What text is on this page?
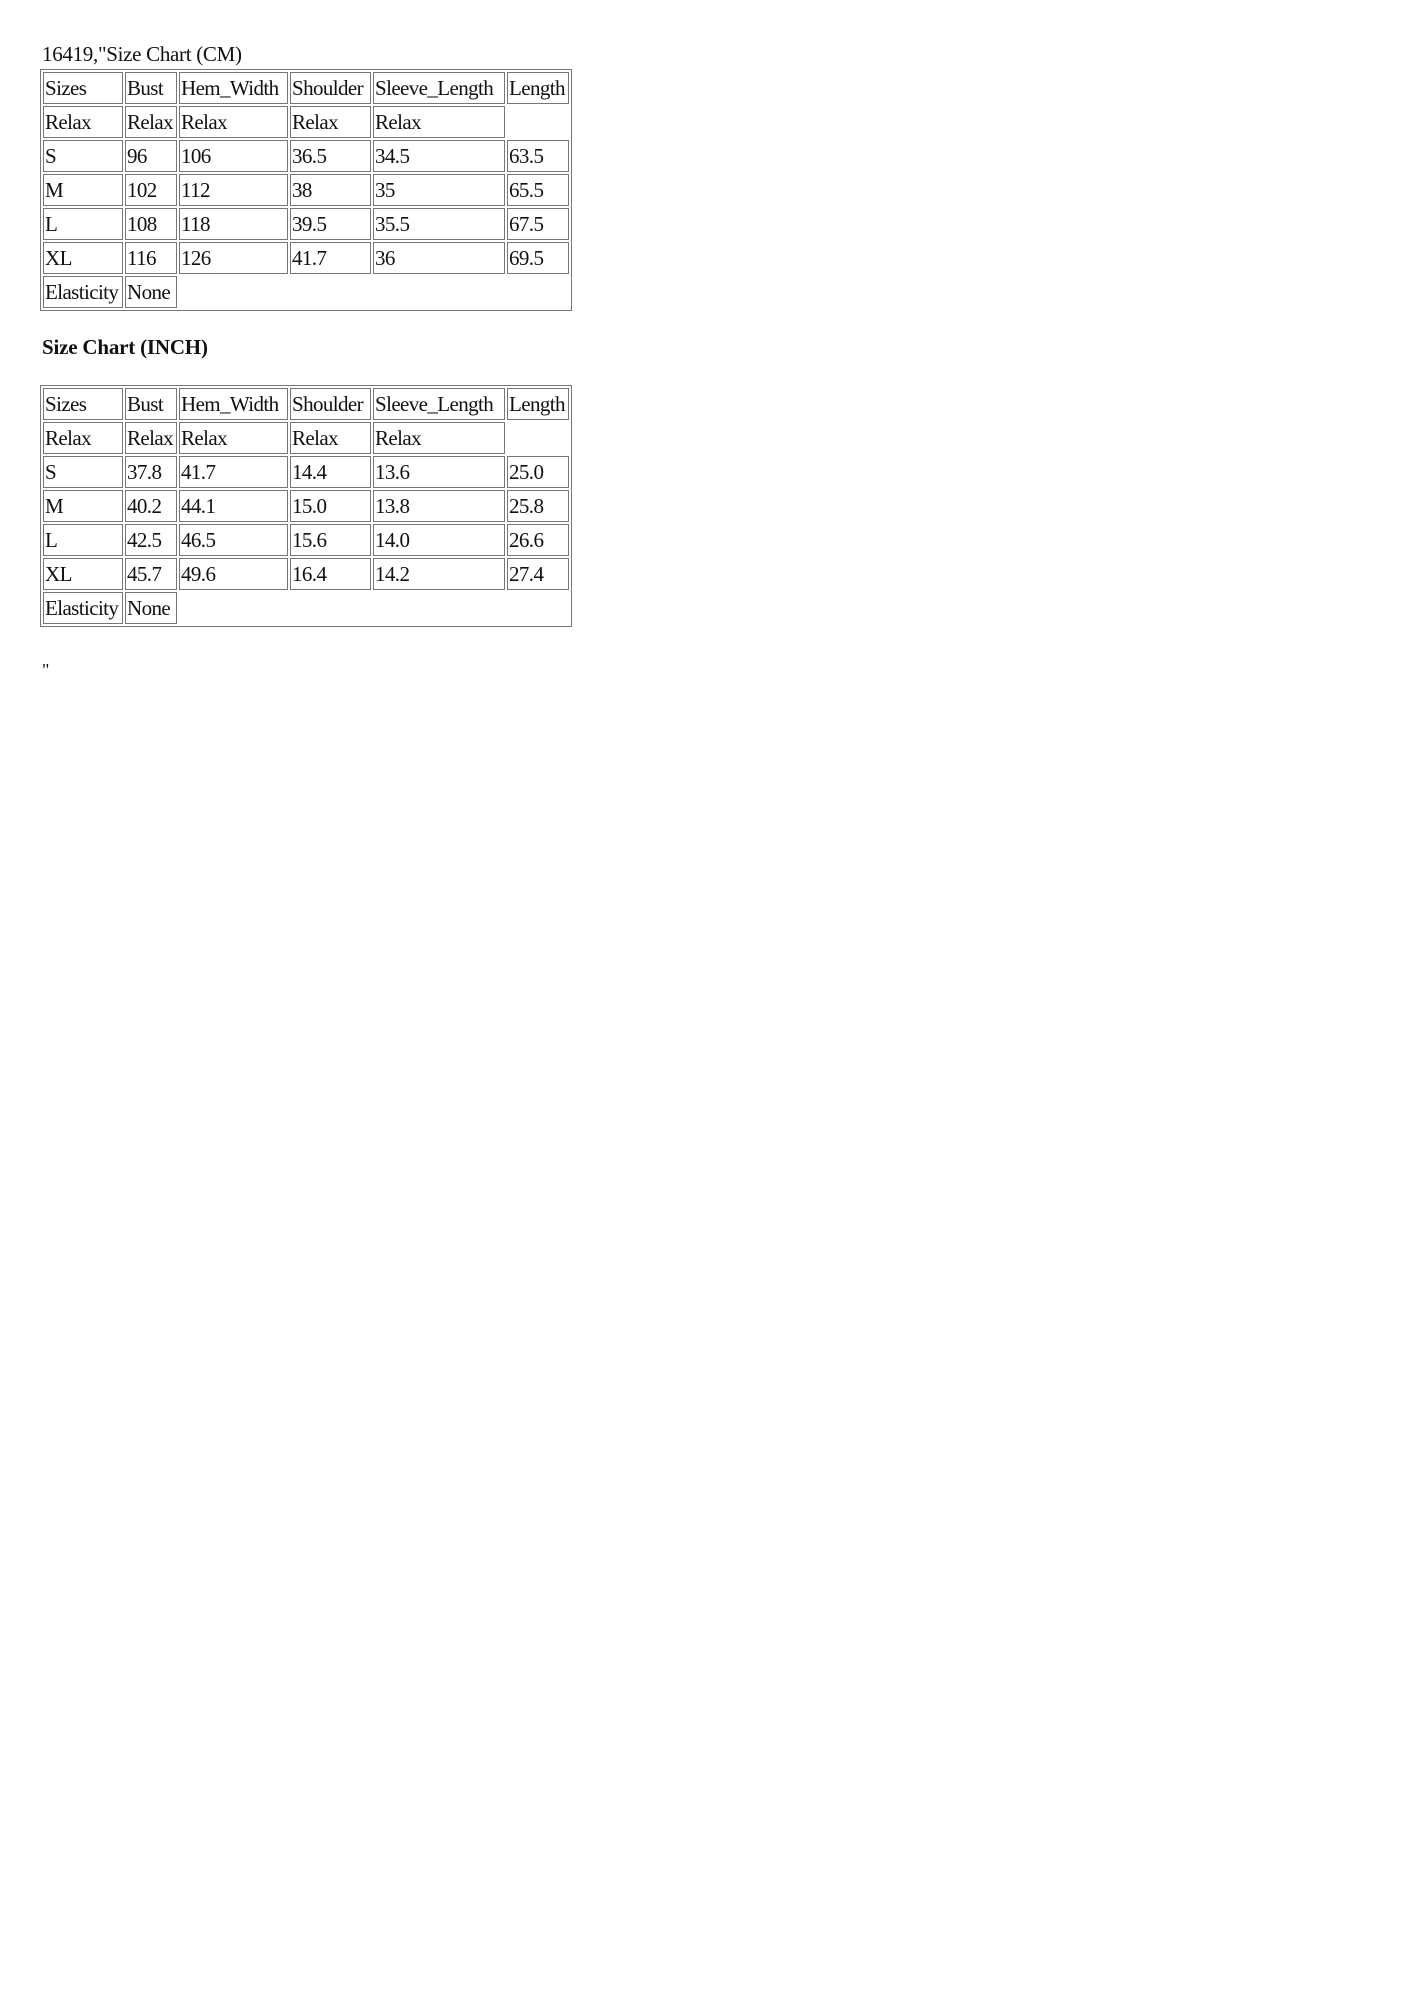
16419,"Size Chart (CM)

Sizes	Bust	Hem_Width	Shoulder	Sleeve_Length	Length
Relax	Relax	Relax	Relax	Relax	
S	96	106	36.5	34.5	63.5
M	102	112	38	35	65.5
L	108	118	39.5	35.5	67.5
XL	116	126	41.7	36	69.5
Elasticity	None				

Size Chart (INCH)

Sizes	Bust	Hem_Width	Shoulder	Sleeve_Length	Length
Relax	Relax	Relax	Relax	Relax	
S	37.8	41.7	14.4	13.6	25.0
M	40.2	44.1	15.0	13.8	25.8
L	42.5	46.5	15.6	14.0	26.6
XL	45.7	49.6	16.4	14.2	27.4
Elasticity	None				
"
